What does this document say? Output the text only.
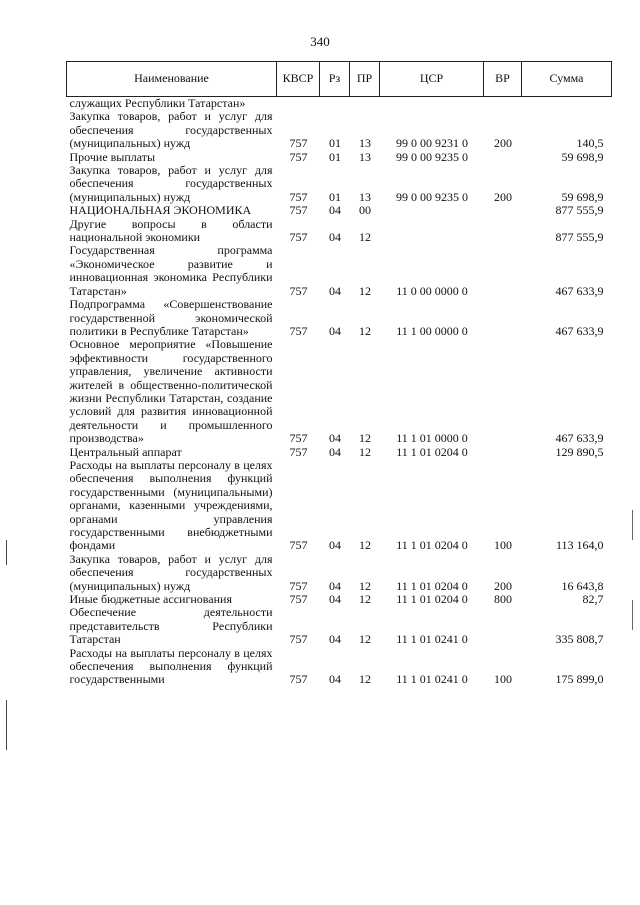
340
Наименование	КВСР	Рз	ПР	ЦСР	ВР	Сумма
служащих Республики Татарстан»						
Закупка товаров, работ и услуг для обеспечения государственных (муниципальных) нужд	757	01	13	99 0 00 9231 0	200	140,5
Прочие выплаты	757	01	13	99 0 00 9235 0		59 698,9
Закупка товаров, работ и услуг для обеспечения государственных (муниципальных) нужд	757	01	13	99 0 00 9235 0	200	59 698,9
НАЦИОНАЛЬНАЯ ЭКОНОМИКА	757	04	00			877 555,9
Другие вопросы в области национальной экономики	757	04	12			877 555,9
Государственная программа «Экономическое развитие и инновационная экономика Республики Татарстан»	757	04	12	11 0 00 0000 0		467 633,9
Подпрограмма «Совершенствование государственной экономической политики в Республике Татарстан»	757	04	12	11 1 00 0000 0		467 633,9
Основное мероприятие «Повышение эффективности государственного управления, увеличение активности жителей в общественно-политической жизни Республики Татарстан, создание условий для развития инновационной деятельности и промышленного производства»	757	04	12	11 1 01 0000 0		467 633,9
Центральный аппарат	757	04	12	11 1 01 0204 0		129 890,5
Расходы на выплаты персоналу в целях обеспечения выполнения функций государственными (муниципальными) органами, казенными учреждениями, органами управления государственными внебюджетными фондами	757	04	12	11 1 01 0204 0	100	113 164,0
Закупка товаров, работ и услуг для обеспечения государственных (муниципальных) нужд	757	04	12	11 1 01 0204 0	200	16 643,8
Иные бюджетные ассигнования	757	04	12	11 1 01 0204 0	800	82,7
Обеспечение деятельности представительств Республики Татарстан	757	04	12	11 1 01 0241 0		335 808,7
Расходы на выплаты персоналу в целях обеспечения выполнения функций государственными	757	04	12	11 1 01 0241 0	100	175 899,0
